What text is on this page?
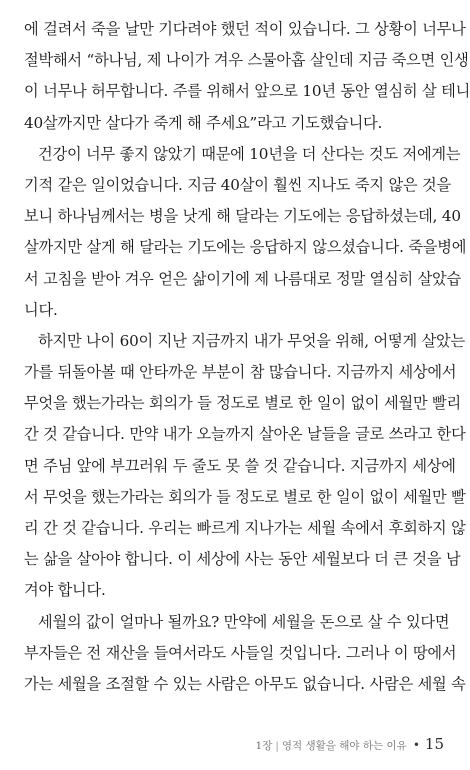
에 걸려서 죽을 날만 기다려야 했던 적이 있습니다. 그 상황이 너무나
절박해서 “하나님, 제 나이가 겨우 스물아홉 살인데 지금 죽으면 인생
이 너무나 허무합니다. 주를 위해서 앞으로 10년 동안 열심히 살 테니
40살까지만 살다가 죽게 해 주세요”라고 기도했습니다.
건강이 너무 좋지 않았기 때문에 10년을 더 산다는 것도 저에게는
기적 같은 일이었습니다. 지금 40살이 훨씬 지나도 죽지 않은 것을
보니 하나님께서는 병을 낫게 해 달라는 기도에는 응답하셨는데, 40
살까지만 살게 해 달라는 기도에는 응답하지 않으셨습니다. 죽을병에
서 고침을 받아 겨우 얻은 삶이기에 제 나름대로 정말 열심히 살았습
니다.
하지만 나이 60이 지난 지금까지 내가 무엇을 위해, 어떻게 살았는
가를 뒤돌아볼 때 안타까운 부분이 참 많습니다. 지금까지 세상에서
무엇을 했는가라는 회의가 들 정도로 별로 한 일이 없이 세월만 빨리
간 것 같습니다. 만약 내가 오늘까지 살아온 날들을 글로 쓰라고 한다
면 주님 앞에 부끄러워 두 줄도 못 쓸 것 같습니다. 지금까지 세상에
서 무엇을 했는가라는 회의가 들 정도로 별로 한 일이 없이 세월만 빨
리 간 것 같습니다. 우리는 빠르게 지나가는 세월 속에서 후회하지 않
는 삶을 살아야 합니다. 이 세상에 사는 동안 세월보다 더 큰 것을 남
겨야 합니다.
세월의 값이 얼마나 될까요? 만약에 세월을 돈으로 살 수 있다면
부자들은 전 재산을 들여서라도 사들일 것입니다. 그러나 이 땅에서
가는 세월을 조절할 수 있는 사람은 아무도 없습니다. 사람은 세월 속
1장 | 영적 생활을 해야 하는 이유 • 15
